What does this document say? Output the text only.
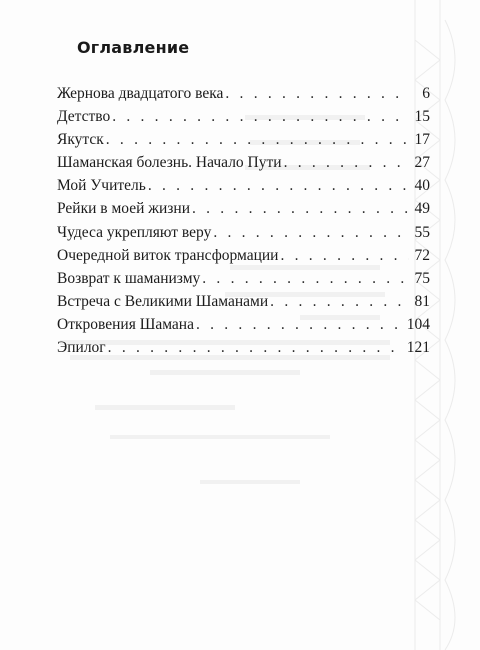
Оглавление
Жернова двадцатого века . . .	6
Детство . . .	15
Якутск . . .	17
Шаманская болезнь. Начало Пути . . .	27
Мой Учитель . . .	40
Рейки в моей жизни . . .	49
Чудеса укрепляют веру . . .	55
Очередной виток трансформации . . .	72
Возврат к шаманизму . . .	75
Встреча с Великими Шаманами . . .	81
Откровения Шамана . . .	104
Эпилог . . .	121
